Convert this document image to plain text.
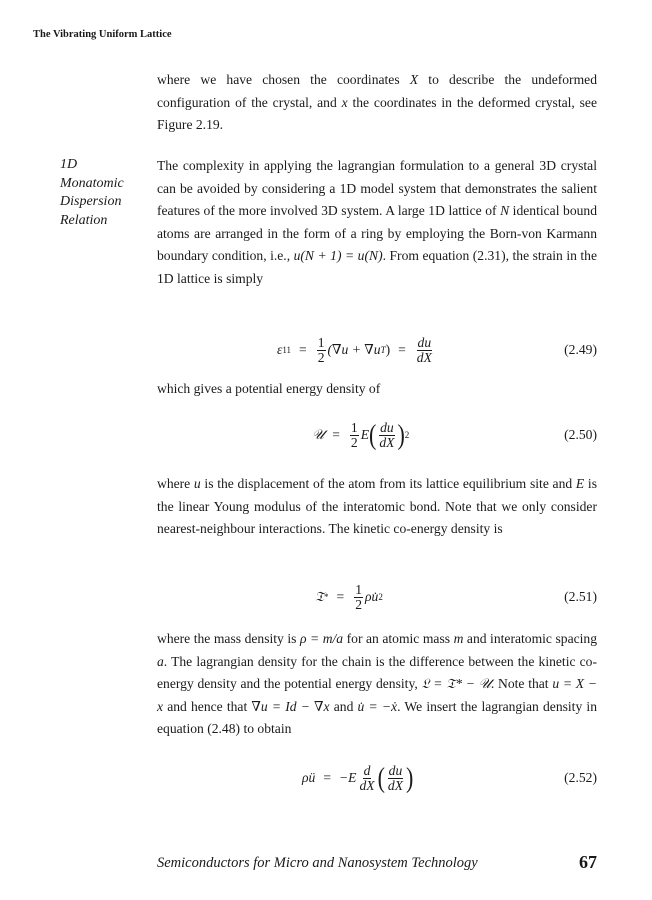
The Vibrating Uniform Lattice
1D
Monatomic
Dispersion
Relation
where we have chosen the coordinates X to describe the undeformed configuration of the crystal, and x the coordinates in the deformed crystal, see Figure 2.19.
The complexity in applying the lagrangian formulation to a general 3D crystal can be avoided by considering a 1D model system that demonstrates the salient features of the more involved 3D system. A large 1D lattice of N identical bound atoms are arranged in the form of a ring by employing the Born-von Karmann boundary condition, i.e., u(N + 1) = u(N). From equation (2.31), the strain in the 1D lattice is simply
ε $11 = \frac{1}{2} (\nabla u + \nabla u$ T ) = $\frac{du}{dX}$	(2.49)
which gives a potential energy density of
𝒰 = $\frac{1}{2}$ E ( $\frac{du}{dX}$ ) 2	(2.50)
where u is the displacement of the atom from its lattice equilibrium site and E is the linear Young modulus of the interatomic bond. Note that we only consider nearest-neighbour interactions. The kinetic co-energy density is
𝔗 * = $\frac{1}{2}$ ρu̇ 2	(2.51)
where the mass density is ρ = m/a for an atomic mass m and interatomic spacing a. The lagrangian density for the chain is the difference between the kinetic co-energy density and the potential energy density, 𝔏 = 𝔗* − 𝒰. Note that u = X − x and hence that ∇u = Id − ∇x and u̇ = −ẋ. We insert the lagrangian density in equation (2.48) to obtain
ρü = $-E \frac{d}{dX}$ ( $\frac{du}{dX}$ )	(2.52)
Semiconductors for Micro and Nanosystem Technology	67
